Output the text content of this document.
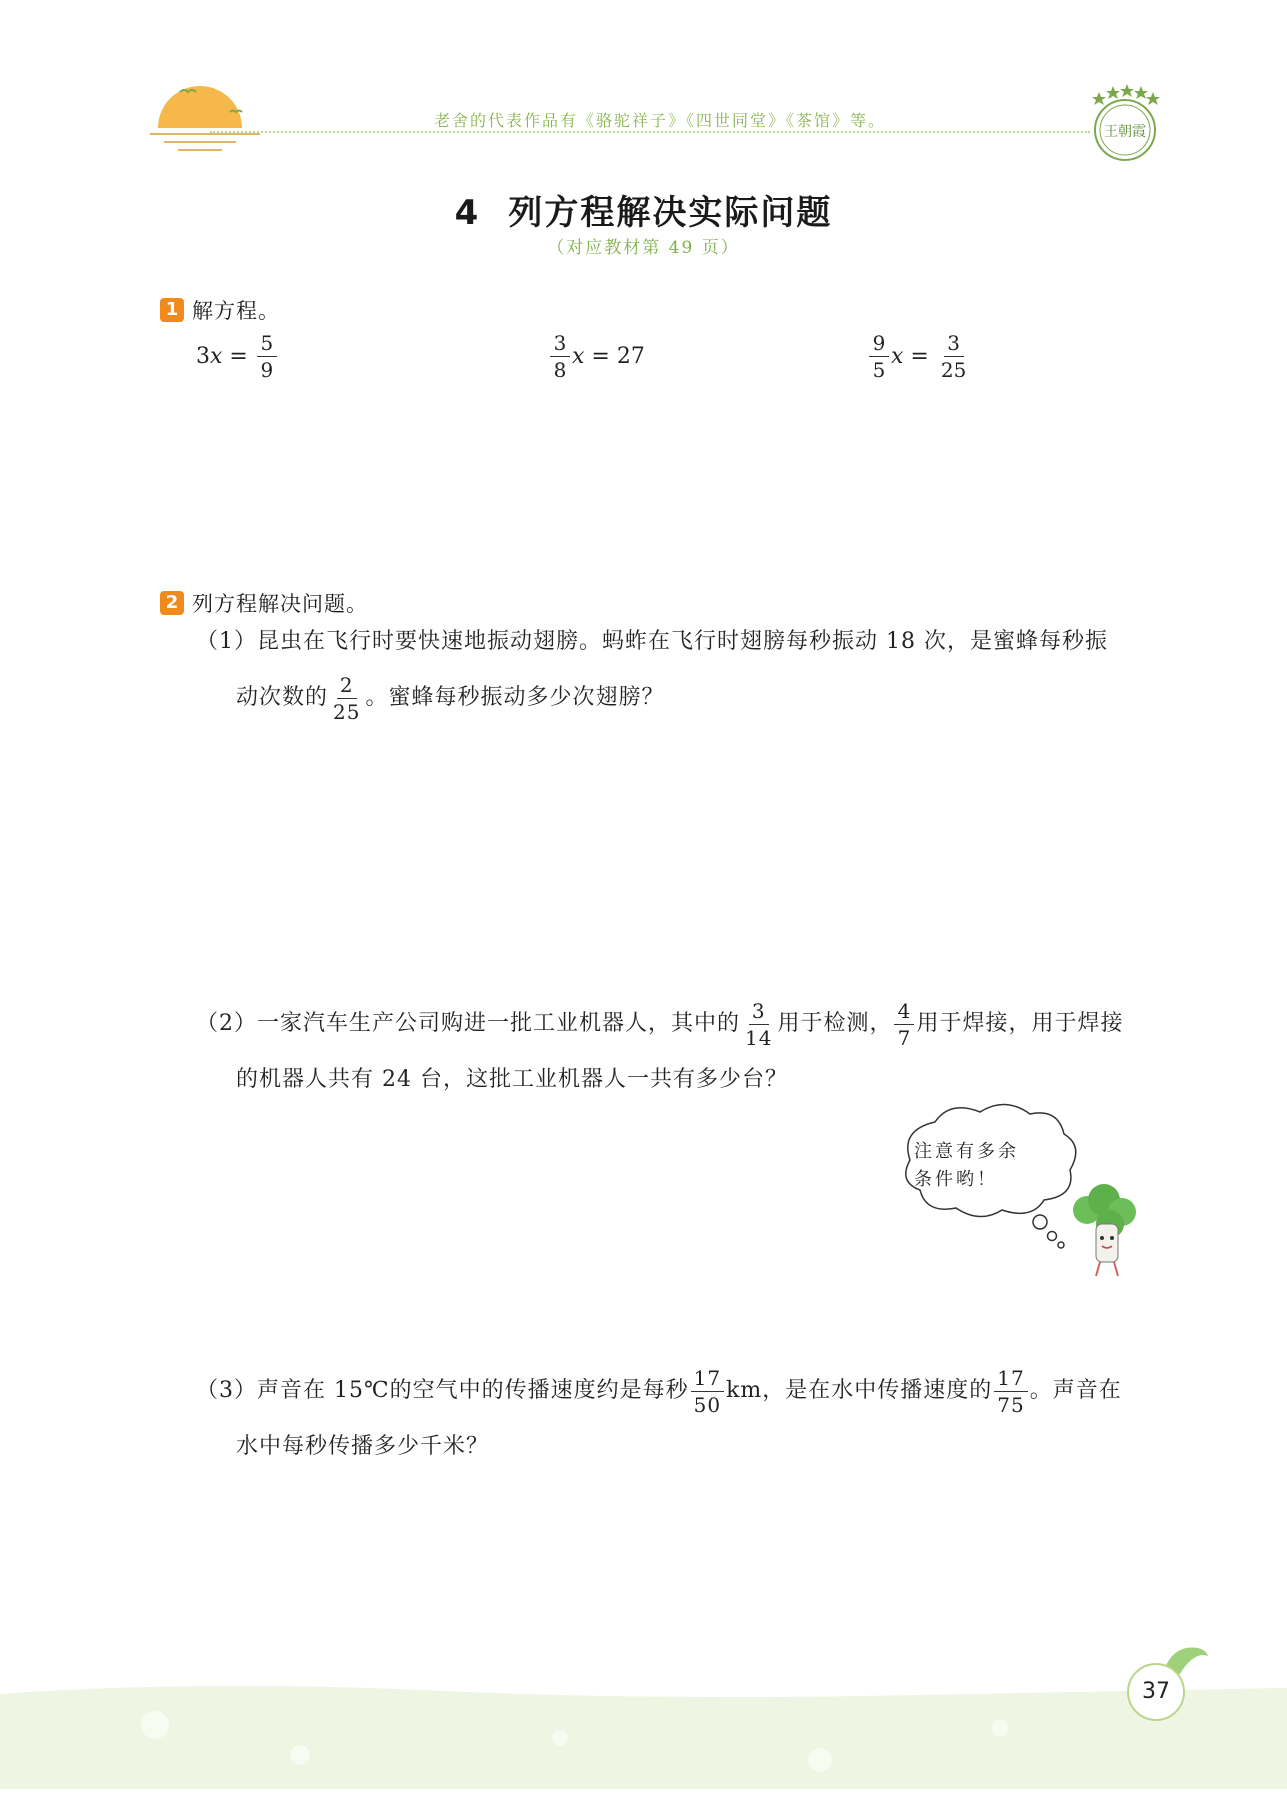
老舍的代表作品有《骆驼祥子》《四世同堂》《茶馆》等。
王朝霞
4 列方程解决实际问题
（对应教材第 49 页）
1 解方程。
3 $x = \frac{5}{9}$	$\frac{3}{8}$ x = 27	$\frac{9}{5}$ $x = \frac{3}{25}$
2 列方程解决问题。
（1）昆虫在飞行时要快速地振动翅膀。蚂蚱在飞行时翅膀每秒振动 18 次，是蜜蜂每秒振
动次数的 $\frac{2}{25}$ 。蜜蜂每秒振动多少次翅膀？
（2）一家汽车生产公司购进一批工业机器人，其中的 $\frac{3}{14}$ 用于检测， $\frac{4}{7}$ 用于焊接，用于焊接
的机器人共有 24 台，这批工业机器人一共有多少台？
注意有多余
条件哟！
（3）声音在 15℃的空气中的传播速度约是每秒 $\frac{17}{50}$ km，是在水中传播速度的 $\frac{17}{75}$ 。声音在
水中每秒传播多少千米？
37
